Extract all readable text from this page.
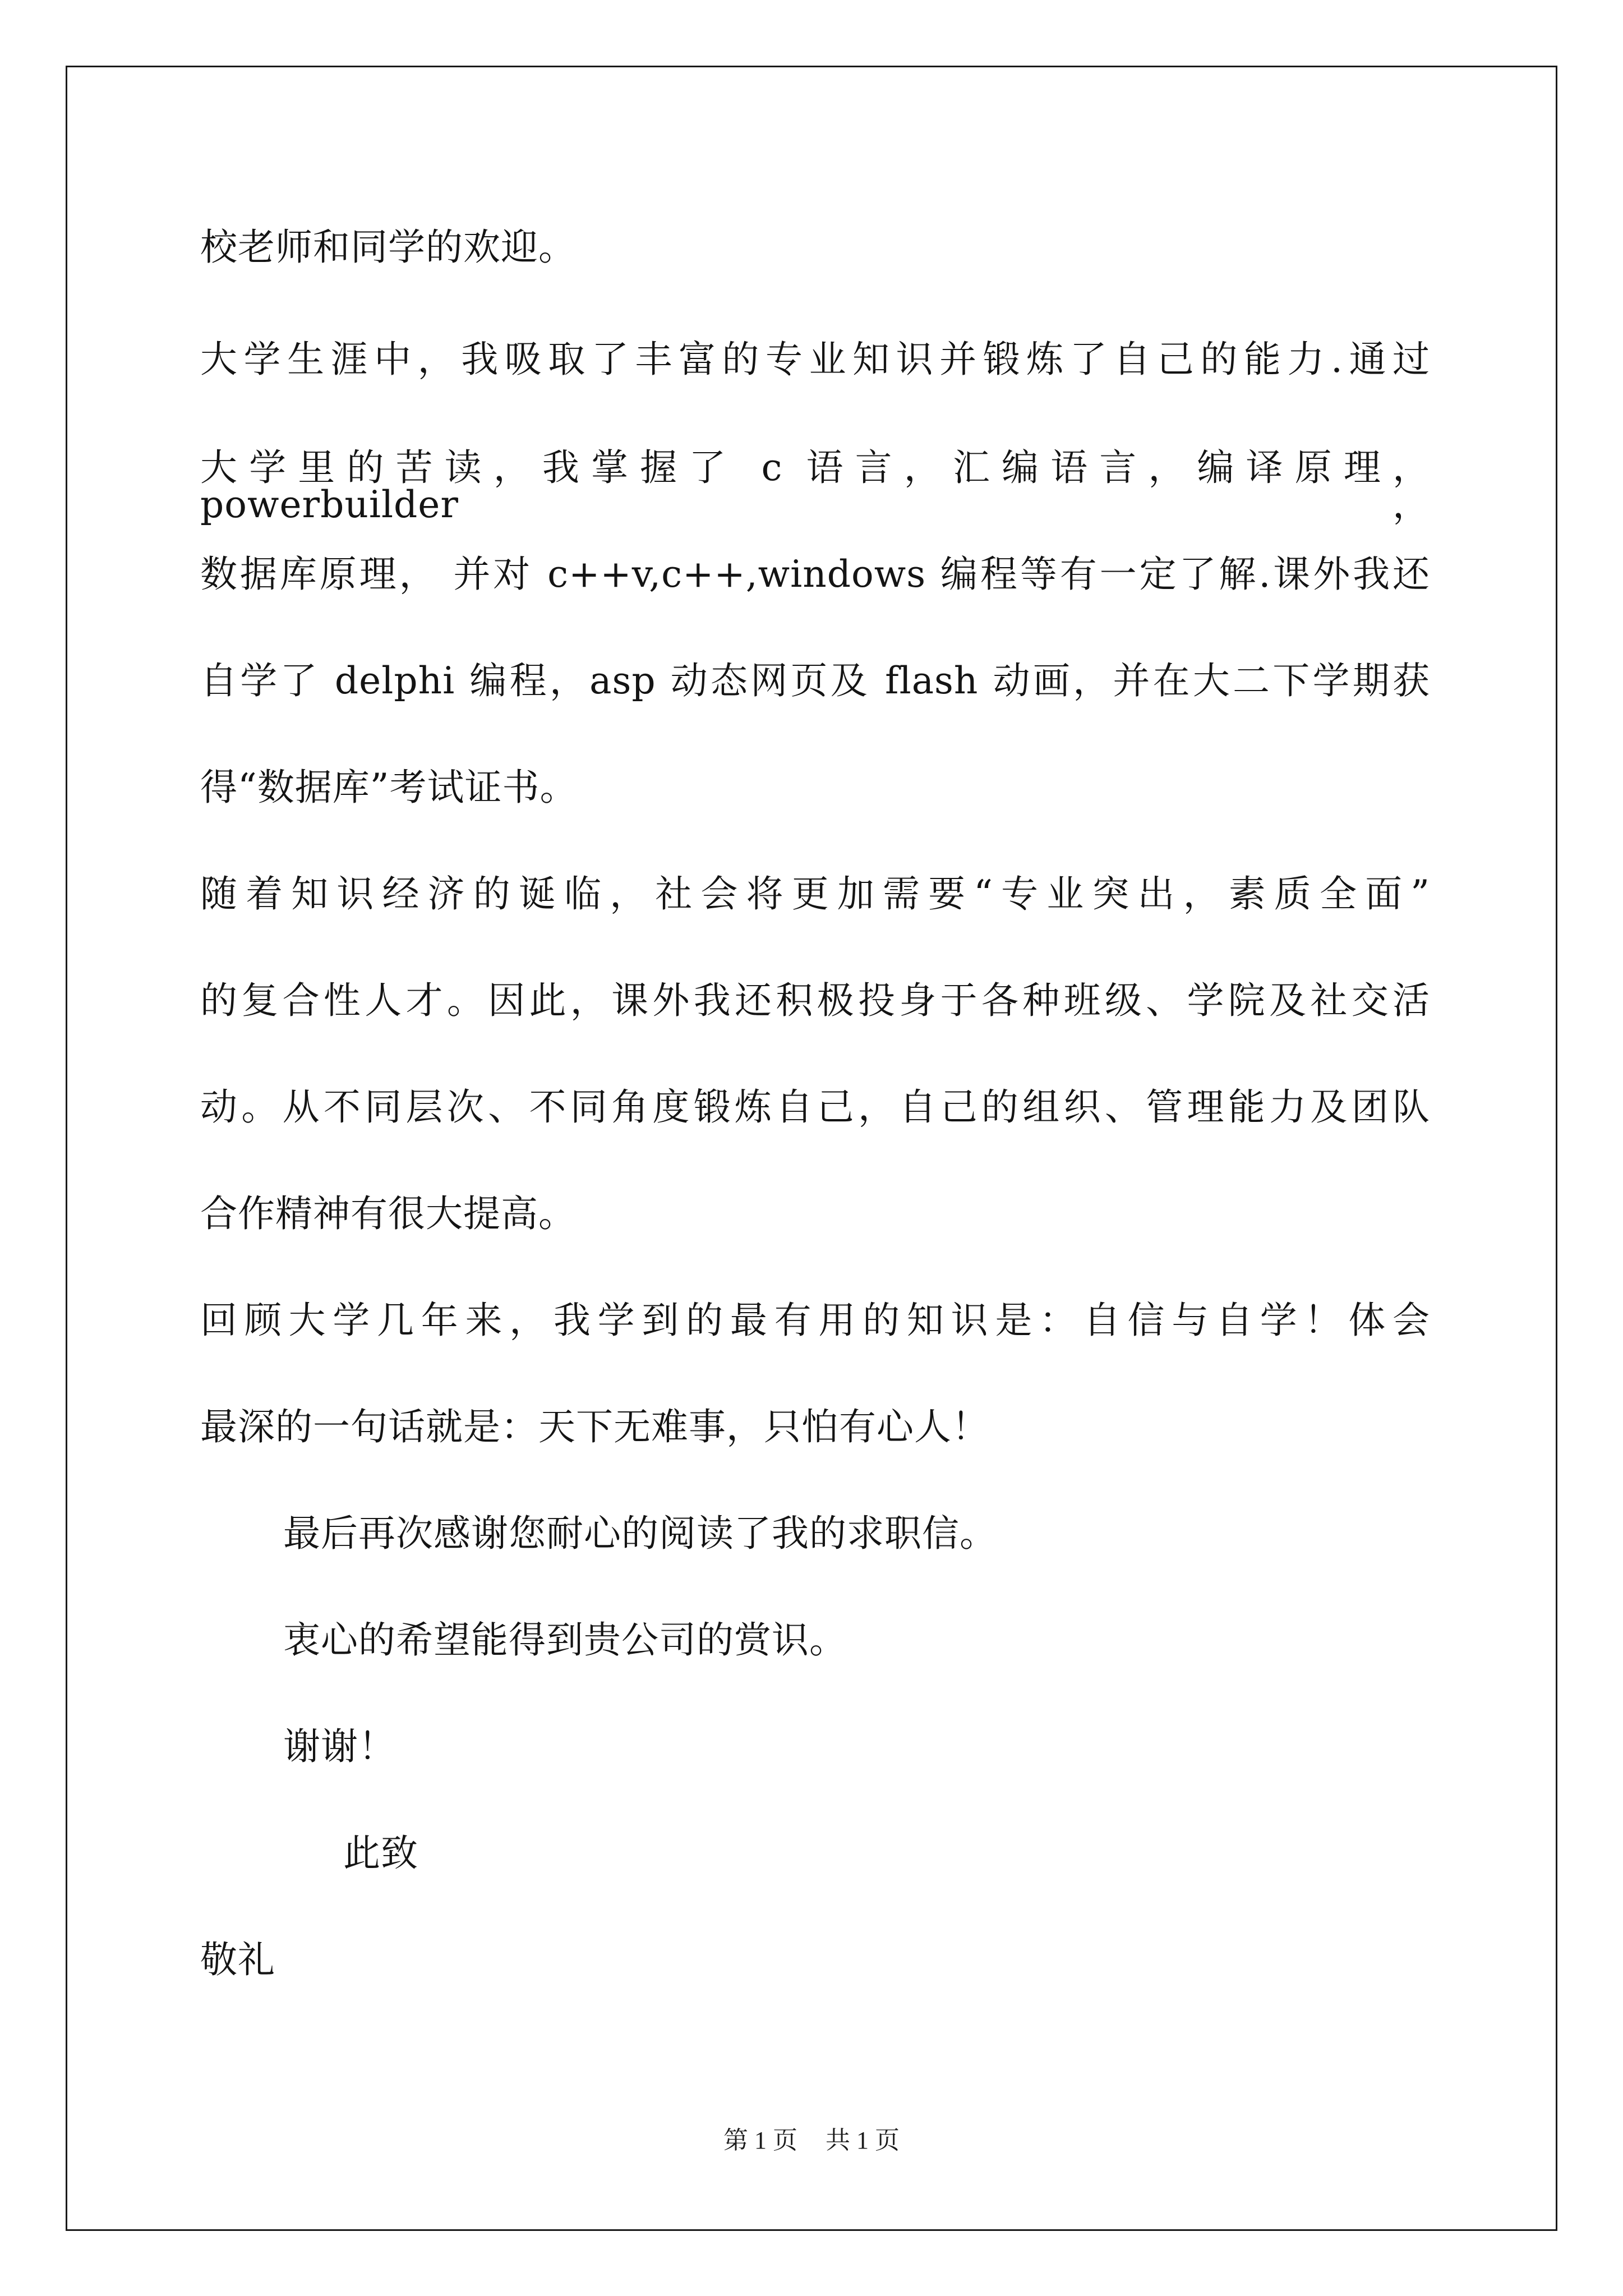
校老师和同学的欢迎。
大学生涯中，我吸取了丰富的专业知识并锻炼了自己的能力.通过
大学里的苦读，我掌握了 c 语言，汇编语言，编译原理，powerbuilder，
数据库原理， 并对 c++v,c++,windows 编程等有一定了解.课外我还
自学了 delphi 编程，asp 动态网页及 flash 动画，并在大二下学期获
得“数据库”考试证书。
随着知识经济的诞临，社会将更加需要“专业突出，素质全面”
的复合性人才。因此，课外我还积极投身于各种班级、学院及社交活
动。从不同层次、不同角度锻炼自己，自己的组织、管理能力及团队
合作精神有很大提高。
回顾大学几年来，我学到的最有用的知识是：自信与自学！体会
最深的一句话就是：天下无难事，只怕有心人！
最后再次感谢您耐心的阅读了我的求职信。
衷心的希望能得到贵公司的赏识。
谢谢！
此致
敬礼
第 1 页 共 1 页
